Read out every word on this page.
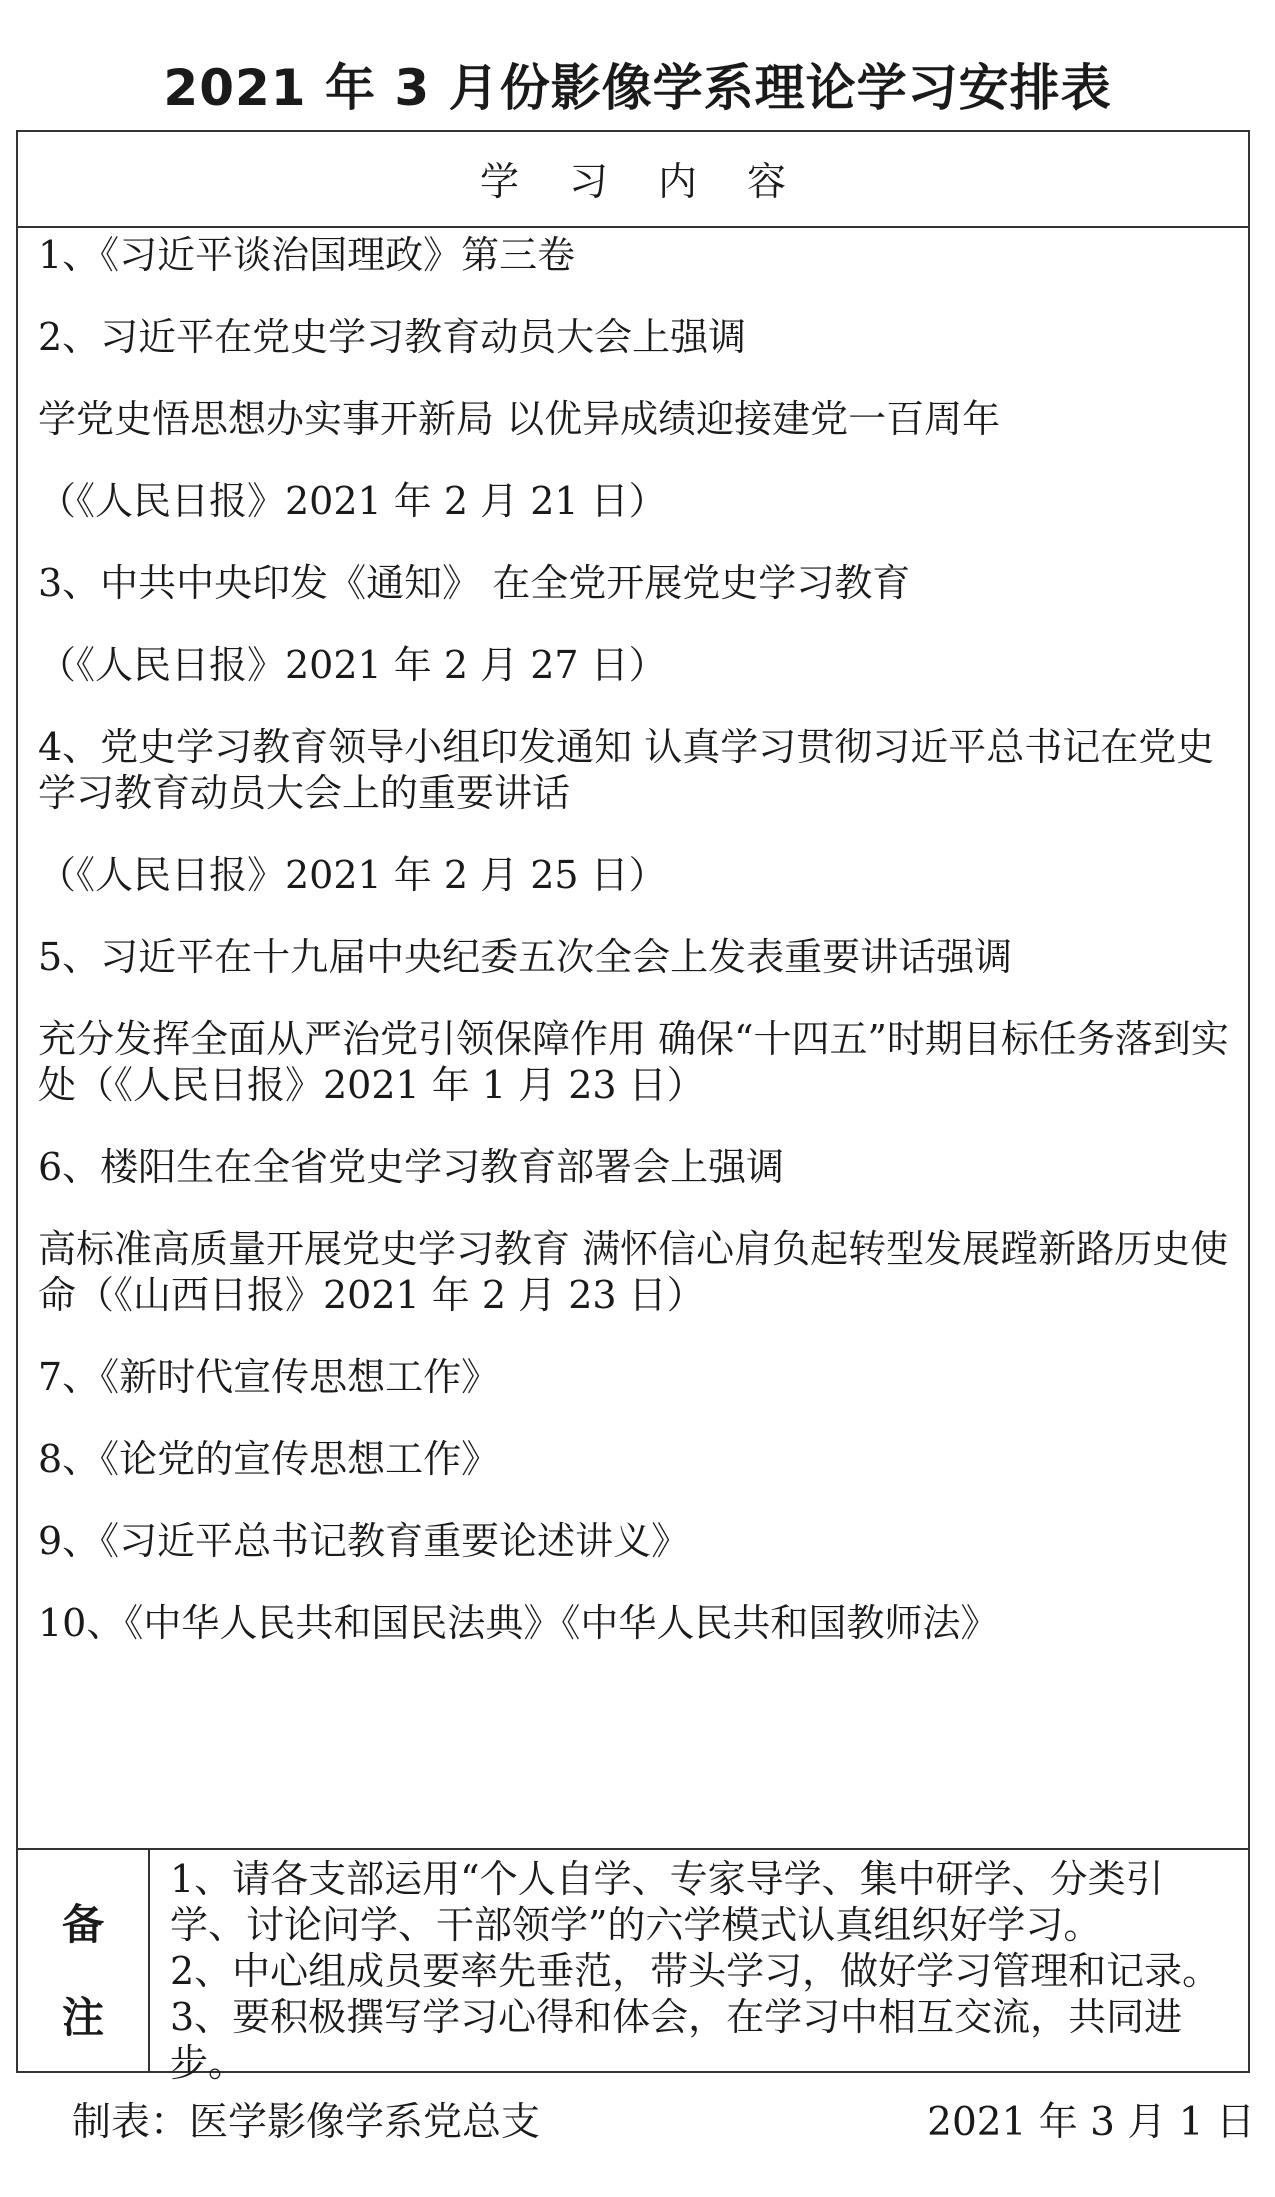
2021 年 3 月份影像学系理论学习安排表
学习内容
1、《习近平谈治国理政》第三卷
2、习近平在党史学习教育动员大会上强调
学党史悟思想办实事开新局 以优异成绩迎接建党一百周年
（《人民日报》2021 年 2 月 21 日）
3、中共中央印发《通知》 在全党开展党史学习教育
（《人民日报》2021 年 2 月 27 日）
4、党史学习教育领导小组印发通知 认真学习贯彻习近平总书记在党史学习教育动员大会上的重要讲话
（《人民日报》2021 年 2 月 25 日）
5、习近平在十九届中央纪委五次全会上发表重要讲话强调
充分发挥全面从严治党引领保障作用 确保“十四五”时期目标任务落到实处（《人民日报》2021 年 1 月 23 日）
6、楼阳生在全省党史学习教育部署会上强调
高标准高质量开展党史学习教育 满怀信心肩负起转型发展蹚新路历史使命（《山西日报》2021 年 2 月 23 日）
7、《新时代宣传思想工作》
8、《论党的宣传思想工作》
9、《习近平总书记教育重要论述讲义》
10、《中华人民共和国民法典》《中华人民共和国教师法》
备
注
1、请各支部运用“个人自学、专家导学、集中研学、分类引学、讨论问学、干部领学”的六学模式认真组织好学习。
2、中心组成员要率先垂范，带头学习，做好学习管理和记录。
3、要积极撰写学习心得和体会，在学习中相互交流，共同进步。
制表：医学影像学系党总支	2021 年 3 月 1 日
